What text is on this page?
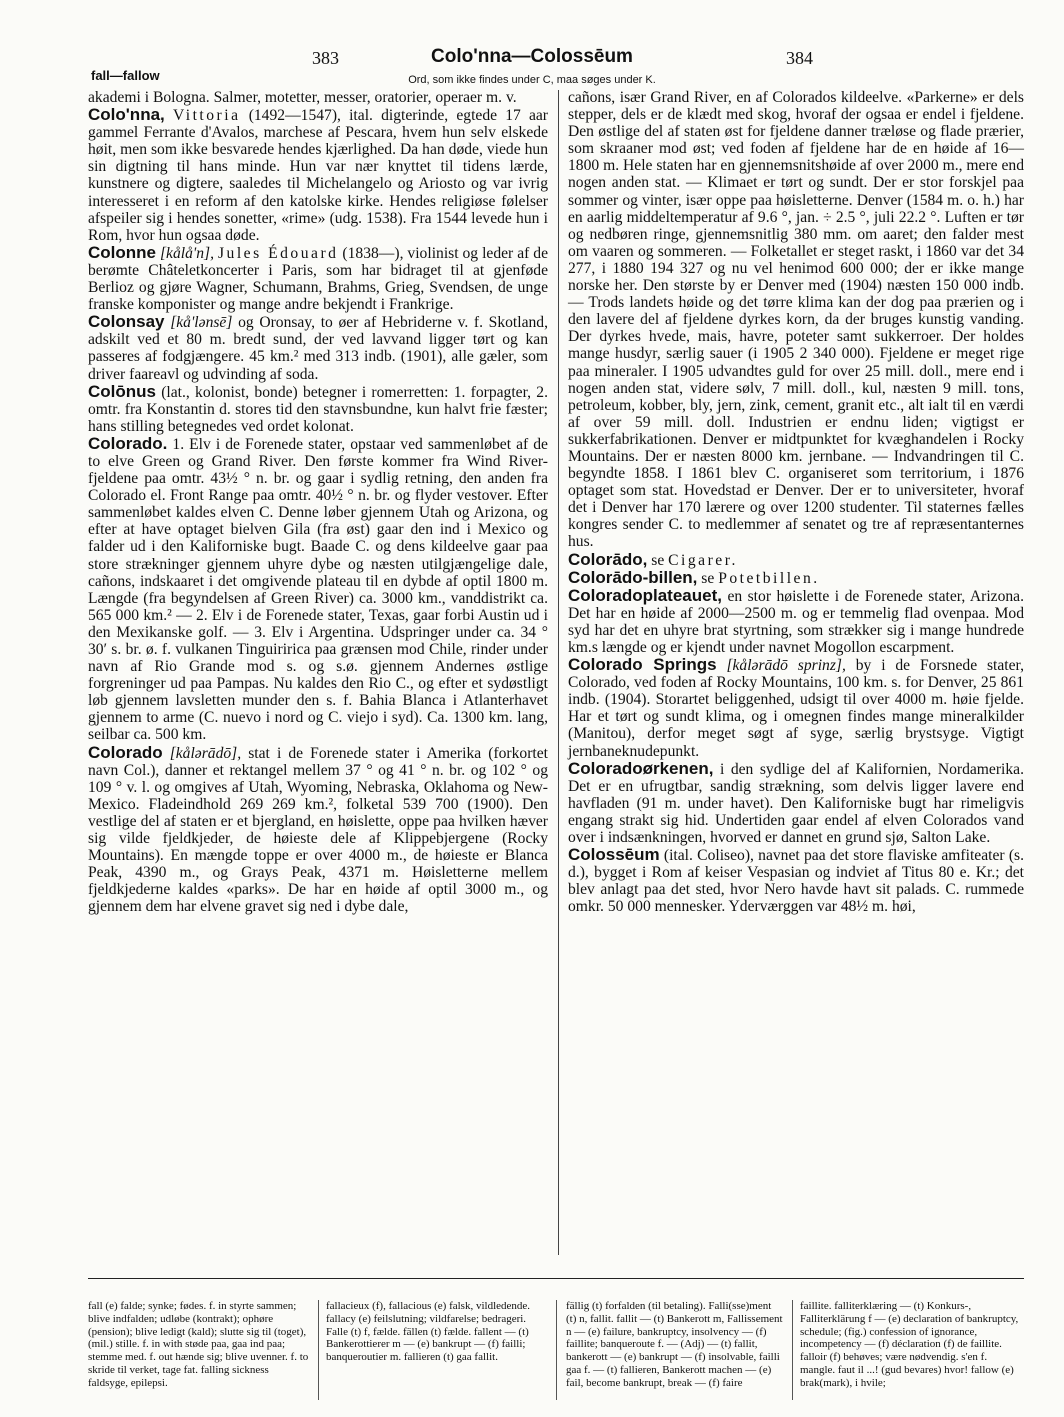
383	Colo'nna—Colossēum	384
fall—fallow	Ord, som ikke findes under C, maa søges under K.

akademi i Bologna. Salmer, motetter, messer, oratorier, operaer m. v.

Colo'nna, Vittoria (1492—1547), ital. digterinde, egtede 17 aar gammel Ferrante d'Avalos, marchese af Pescara, hvem hun selv elskede høit, men som ikke besvarede hendes kjærlighed. Da han døde, viede hun sin digtning til hans minde. Hun var nær knyttet til tidens lærde, kunstnere og digtere, saaledes til Michelangelo og Ariosto og var ivrig interesseret i en reform af den katolske kirke. Hendes religiøse følelser afspeiler sig i hendes sonetter, «rime» (udg. 1538). Fra 1544 levede hun i Rom, hvor hun ogsaa døde.

Colonne [kålå'n], Jules Édouard (1838—), violinist og leder af de berømte Châteletkoncerter i Paris, som har bidraget til at gjenføde Berlioz og gjøre Wagner, Schumann, Brahms, Grieg, Svendsen, de unge franske komponister og mange andre bekjendt i Frankrige.

Colonsay [kå'lənsē] og Oronsay, to øer af Hebriderne v. f. Skotland, adskilt ved et 80 m. bredt sund, der ved lavvand ligger tørt og kan passeres af fodgjængere. 45 km.² med 313 indb. (1901), alle gæler, som driver faareavl og udvinding af soda.

Colōnus (lat., kolonist, bonde) betegner i romerretten: 1. forpagter, 2. omtr. fra Konstantin d. stores tid den stavnsbundne, kun halvt frie fæster; hans stilling betegnedes ved ordet kolonat.

Colorado. 1. Elv i de Forenede stater, opstaar ved sammenløbet af de to elve Green og Grand River. Den første kommer fra Wind River-fjeldene paa omtr. 43½ ° n. br. og gaar i sydlig retning, den anden fra Colorado el. Front Range paa omtr. 40½ ° n. br. og flyder vestover. Efter sammenløbet kaldes elven C. Denne løber gjennem Utah og Arizona, og efter at have optaget bielven Gila (fra øst) gaar den ind i Mexico og falder ud i den Kaliforniske bugt. Baade C. og dens kildeelve gaar paa store strækninger gjennem uhyre dybe og næsten utilgjængelige dale, cañons, indskaaret i det omgivende plateau til en dybde af optil 1800 m. Længde (fra begyndelsen af Green River) ca. 3000 km., vanddistrikt ca. 565 000 km.² — 2. Elv i de Forenede stater, Texas, gaar forbi Austin ud i den Mexikanske golf. — 3. Elv i Argentina. Udspringer under ca. 34 ° 30′ s. br. ø. f. vulkanen Tinguiririca paa grænsen mod Chile, rinder under navn af Rio Grande mod s. og s.ø. gjennem Andernes østlige forgreninger ud paa Pampas. Nu kaldes den Rio C., og efter et sydøstligt løb gjennem lavsletten munder den s. f. Bahia Blanca i Atlanterhavet gjennem to arme (C. nuevo i nord og C. viejo i syd). Ca. 1300 km. lang, seilbar ca. 500 km.

Colorado [kålərādō], stat i de Forenede stater i Amerika (forkortet navn Col.), danner et rektangel mellem 37 ° og 41 ° n. br. og 102 ° og 109 ° v. l. og omgives af Utah, Wyoming, Nebraska, Oklahoma og New-Mexico. Fladeindhold 269 269 km.², folketal 539 700 (1900). Den vestlige del af staten er et bjergland, en høislette, oppe paa hvilken hæver sig vilde fjeldkjeder, de høieste dele af Klippebjergene (Rocky Mountains). En mængde toppe er over 4000 m., de høieste er Blanca Peak, 4390 m., og Grays Peak, 4371 m. Høisletterne mellem fjeldkjederne kaldes «parks». De har en høide af optil 3000 m., og gjennem dem har elvene gravet sig ned i dybe dale,

cañons, især Grand River, en af Colorados kildeelve. «Parkerne» er dels stepper, dels er de klædt med skog, hvoraf der ogsaa er endel i fjeldene. Den østlige del af staten øst for fjeldene danner træløse og flade prærier, som skraaner mod øst; ved foden af fjeldene har de en høide af 16—1800 m. Hele staten har en gjennemsnitshøide af over 2000 m., mere end nogen anden stat. — Klimaet er tørt og sundt. Der er stor forskjel paa sommer og vinter, især oppe paa høisletterne. Denver (1584 m. o. h.) har en aarlig middeltemperatur af 9.6 °, jan. ÷ 2.5 °, juli 22.2 °. Luften er tør og nedbøren ringe, gjennemsnitlig 380 mm. om aaret; den falder mest om vaaren og sommeren. — Folketallet er steget raskt, i 1860 var det 34 277, i 1880 194 327 og nu vel henimod 600 000; der er ikke mange norske her. Den største by er Denver med (1904) næsten 150 000 indb. — Trods landets høide og det tørre klima kan der dog paa prærien og i den lavere del af fjeldene dyrkes korn, da der bruges kunstig vanding. Der dyrkes hvede, mais, havre, poteter samt sukkerroer. Der holdes mange husdyr, særlig sauer (i 1905 2 340 000). Fjeldene er meget rige paa mineraler. I 1905 udvandtes guld for over 25 mill. doll., mere end i nogen anden stat, videre sølv, 7 mill. doll., kul, næsten 9 mill. tons, petroleum, kobber, bly, jern, zink, cement, granit etc., alt ialt til en værdi af over 59 mill. doll. Industrien er endnu liden; vigtigst er sukkerfabrikationen. Denver er midtpunktet for kvæghandelen i Rocky Mountains. Der er næsten 8000 km. jernbane. — Indvandringen til C. begyndte 1858. I 1861 blev C. organiseret som territorium, i 1876 optaget som stat. Hovedstad er Denver. Der er to universiteter, hvoraf det i Denver har 170 lærere og over 1200 studenter. Til staternes fælles kongres sender C. to medlemmer af senatet og tre af repræsentanternes hus.

Colorādo, se Cigarer.

Colorādo-billen, se Potetbillen.

Coloradoplateauet, en stor høislette i de Forenede stater, Arizona. Det har en høide af 2000—2500 m. og er temmelig flad ovenpaa. Mod syd har det en uhyre brat styrtning, som strækker sig i mange hundrede km.s længde og er kjendt under navnet Mogollon escarpment.

Colorado Springs [kålərādō sprinz], by i de Forsnede stater, Colorado, ved foden af Rocky Mountains, 100 km. s. for Denver, 25 861 indb. (1904). Storartet beliggenhed, udsigt til over 4000 m. høie fjelde. Har et tørt og sundt klima, og i omegnen findes mange mineralkilder (Manitou), derfor meget søgt af syge, særlig brystsyge. Vigtigt jernbaneknudepunkt.

Coloradoørkenen, i den sydlige del af Kalifornien, Nordamerika. Det er en ufrugtbar, sandig strækning, som delvis ligger lavere end havfladen (91 m. under havet). Den Kaliforniske bugt har rimeligvis engang strakt sig hid. Undertiden gaar endel af elven Colorados vand over i indsænkningen, hvorved er dannet en grund sjø, Salton Lake.

Colossēum (ital. Coliseo), navnet paa det store flaviske amfiteater (s. d.), bygget i Rom af keiser Vespasian og indviet af Titus 80 e. Kr.; det blev anlagt paa det sted, hvor Nero havde havt sit palads. C. rummede omkr. 50 000 mennesker. Yderværggen var 48½ m. høi,

fall (e) falde; synke; fødes. f. in styrte sammen; blive indfalden; udløbe (kontrakt); ophøre (pension); blive ledigt (kald); slutte sig til (toget), (mil.) stille. f. in with støde paa, gaa ind paa; stemme med. f. out hænde sig; blive uvenner. f. to skride til verket, tage fat. falling sickness faldsyge, epilepsi.
fallacieux (f), fallacious (e) falsk, vildledende. fallacy (e) feilslutning; vildfarelse; bedrageri. Falle (t) f, fælde. fällen (t) fælde. fallent — (t) Bankerottierer m — (e) bankrupt — (f) failli; banqueroutier m. fallieren (t) gaa fallit.
fällig (t) forfalden (til betaling). Falli(sse)ment (t) n, fallit. fallit — (t) Bankerott m, Fallissement n — (e) failure, bankruptcy, insolvency — (f) faillite; banqueroute f. — (Adj) — (t) fallit, bankerott — (e) bankrupt — (f) insolvable, failli gaa f. — (t) fallieren, Bankerott machen — (e) fail, become bankrupt, break — (f) faire
faillite. falliterklæring — (t) Konkurs-, Falliterklärung f — (e) declaration of bankruptcy, schedule; (fig.) confession of ignorance, incompetency — (f) déclaration (f) de faillite. falloir (f) behøves; være nødvendig. s'en f. mangle. faut il ...! (gud bevares) hvor! fallow (e) brak(mark), i hvile;
